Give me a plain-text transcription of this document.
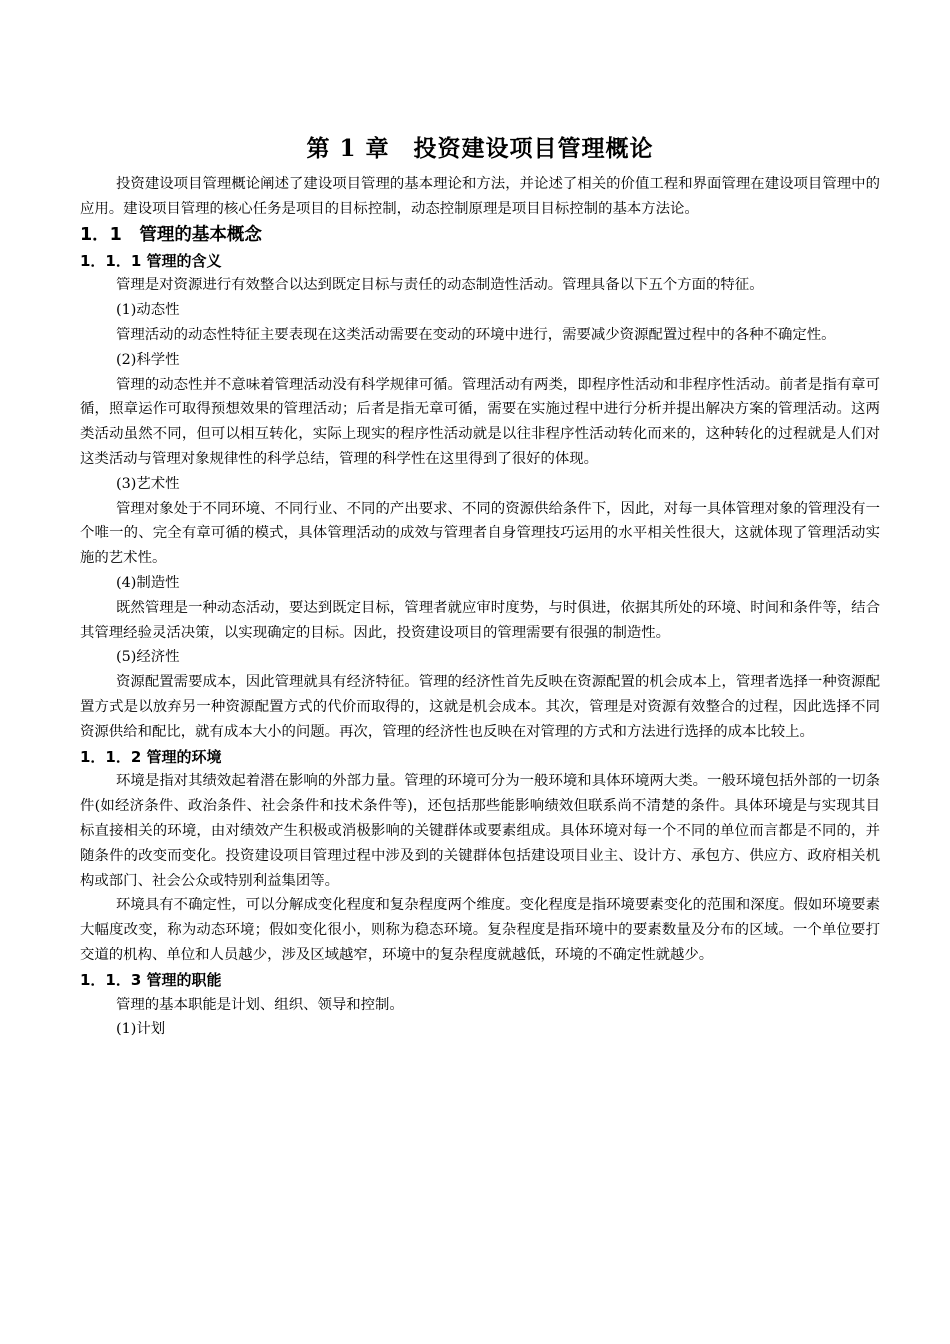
第 1 章　投资建设项目管理概论

投资建设项目管理概论阐述了建设项目管理的基本理论和方法，并论述了相关的价值工程和界面管理在建设项目管理中的应用。建设项目管理的核心任务是项目的目标控制，动态控制原理是项目目标控制的基本方法论。

1．1　管理的基本概念
1．1．1 管理的含义

管理是对资源进行有效整合以达到既定目标与责任的动态制造性活动。管理具备以下五个方面的特征。

(1)动态性

管理活动的动态性特征主要表现在这类活动需要在变动的环境中进行，需要减少资源配置过程中的各种不确定性。

(2)科学性

管理的动态性并不意味着管理活动没有科学规律可循。管理活动有两类，即程序性活动和非程序性活动。前者是指有章可循，照章运作可取得预想效果的管理活动；后者是指无章可循，需要在实施过程中进行分析并提出解决方案的管理活动。这两类活动虽然不同，但可以相互转化，实际上现实的程序性活动就是以往非程序性活动转化而来的，这种转化的过程就是人们对这类活动与管理对象规律性的科学总结，管理的科学性在这里得到了很好的体现。

(3)艺术性

管理对象处于不同环境、不同行业、不同的产出要求、不同的资源供给条件下，因此，对每一具体管理对象的管理没有一个唯一的、完全有章可循的模式，具体管理活动的成效与管理者自身管理技巧运用的水平相关性很大，这就体现了管理活动实施的艺术性。

(4)制造性

既然管理是一种动态活动，要达到既定目标，管理者就应审时度势，与时俱进，依据其所处的环境、时间和条件等，结合其管理经验灵活决策，以实现确定的目标。因此，投资建设项目的管理需要有很强的制造性。

(5)经济性

资源配置需要成本，因此管理就具有经济特征。管理的经济性首先反映在资源配置的机会成本上，管理者选择一种资源配置方式是以放弃另一种资源配置方式的代价而取得的，这就是机会成本。其次，管理是对资源有效整合的过程，因此选择不同资源供给和配比，就有成本大小的问题。再次，管理的经济性也反映在对管理的方式和方法进行选择的成本比较上。

1．1．2 管理的环境

环境是指对其绩效起着潜在影响的外部力量。管理的环境可分为一般环境和具体环境两大类。一般环境包括外部的一切条件(如经济条件、政治条件、社会条件和技术条件等)，还包括那些能影响绩效但联系尚不清楚的条件。具体环境是与实现其目标直接相关的环境，由对绩效产生积极或消极影响的关键群体或要素组成。具体环境对每一个不同的单位而言都是不同的，并随条件的改变而变化。投资建设项目管理过程中涉及到的关键群体包括建设项目业主、设计方、承包方、供应方、政府相关机构或部门、社会公众或特别利益集团等。

环境具有不确定性，可以分解成变化程度和复杂程度两个维度。变化程度是指环境要素变化的范围和深度。假如环境要素大幅度改变，称为动态环境；假如变化很小，则称为稳态环境。复杂程度是指环境中的要素数量及分布的区域。一个单位要打交道的机构、单位和人员越少，涉及区域越窄，环境中的复杂程度就越低，环境的不确定性就越少。

1．1．3 管理的职能

管理的基本职能是计划、组织、领导和控制。

(1)计划
